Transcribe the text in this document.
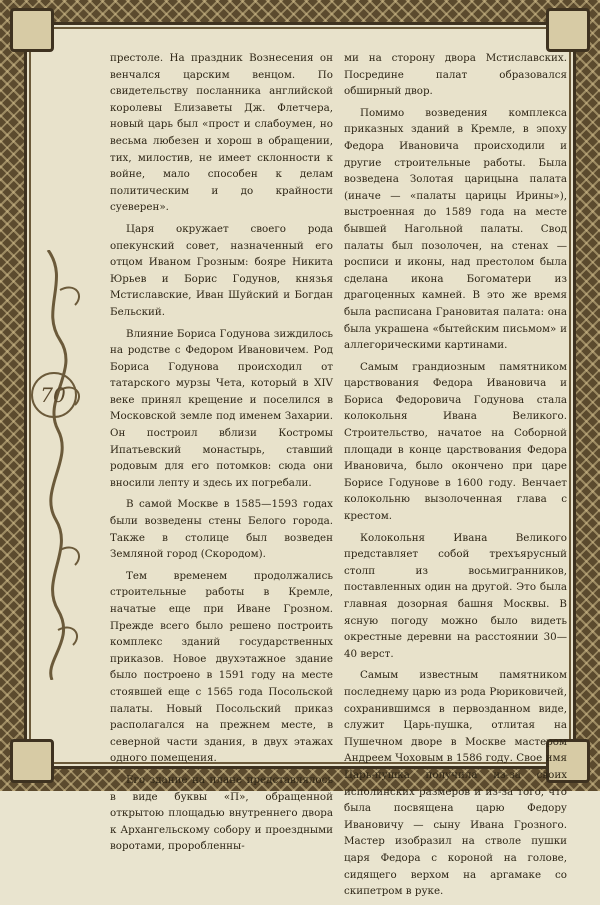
70

престоле. На праздник Вознесения он венчался царским венцом. По свидетельству посланника английской королевы Елизаветы Дж. Флетчера, новый царь был «прост и слабоумен, но весьма любезен и хорош в обращении, тих, милостив, не имеет склонности к войне, мало способен к делам политическим и до крайности суеверен».

Царя окружает своего рода опекунский совет, назначенный его отцом Иваном Грозным: бояре Никита Юрьев и Борис Годунов, князья Мстиславские, Иван Шуйский и Богдан Бельский.

Влияние Бориса Годунова зиждилось на родстве с Федором Ивановичем. Род Бориса Годунова происходил от татарского мурзы Чета, который в XIV веке принял крещение и поселился в Московской земле под именем Захарии. Он построил вблизи Костромы Ипатьевский монастырь, ставший родовым для его потомков: сюда они вносили лепту и здесь их погребали.

В самой Москве в 1585—1593 годах были возведены стены Белого города. Также в столице был возведен Земляной город (Скородом).

Тем временем продолжались строительные работы в Кремле, начатые еще при Иване Грозном. Прежде всего было решено построить комплекс зданий государственных приказов. Новое двухэтажное здание было построено в 1591 году на месте стоявшей еще с 1565 года Посольской палаты. Новый Посольский приказ располагался на прежнем месте, в северной части здания, в двух этажах одного помещения.

Его здание на плане представлялось в виде буквы «П», обращенной открытою площадью внутреннего двора к Архангельскому собору и проездными воротами, проробленны-

ми на сторону двора Мстиславских. Посредине палат образовался обширный двор.

Помимо возведения комплекса приказных зданий в Кремле, в эпоху Федора Ивановича происходили и другие строительные работы. Была возведена Золотая царицына палата (иначе — «палаты царицы Ирины»), выстроенная до 1589 года на месте бывшей Нагольной палаты. Свод палаты был позолочен, на стенах — росписи и иконы, над престолом была сделана икона Богоматери из драгоценных камней. В это же время была расписана Грановитая палата: она была украшена «бытейским письмом» и аллегорическими картинами.

Самым грандиозным памятником царствования Федора Ивановича и Бориса Федоровича Годунова стала колокольня Ивана Великого. Строительство, начатое на Соборной площади в конце царствования Федора Ивановича, было окончено при царе Борисе Годунове в 1600 году. Венчает колокольню вызолоченная глава с крестом.

Колокольня Ивана Великого представляет собой трехъярусный столп из восьмигранников, поставленных один на другой. Это была главная дозорная башня Москвы. В ясную погоду можно было видеть окрестные деревни на расстоянии 30—40 верст.

Самым известным памятником последнему царю из рода Рюриковичей, сохранившимся в первозданном виде, служит Царь-пушка, отлитая на Пушечном дворе в Москве мастером Андреем Чоховым в 1586 году. Свое имя Царь-пушка получила из-за своих исполинских размеров и из-за того, что была посвящена царю Федору Ивановичу — сыну Ивана Грозного. Мастер изобразил на стволе пушки царя Федора с короной на голове, сидящего верхом на аргамаке со скипетром в руке.
